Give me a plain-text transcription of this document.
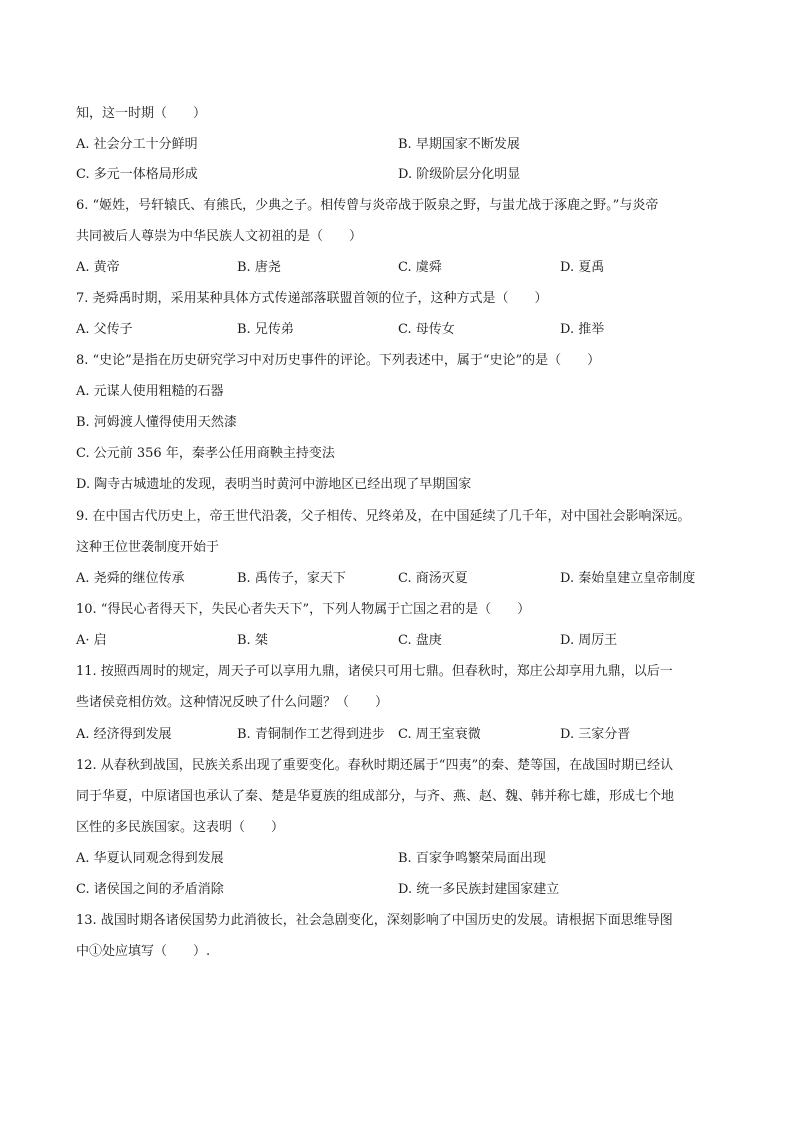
知，这一时期（　　）
A. 社会分工十分鲜明	B. 早期国家不断发展
C. 多元一体格局形成	D. 阶级阶层分化明显
6. “姬姓，号轩辕氏、有熊氏，少典之子。相传曾与炎帝战于阪泉之野，与蚩尤战于涿鹿之野。”与炎帝
共同被后人尊崇为中华民族人文初祖的是（　　）
A. 黄帝	B. 唐尧	C. 虞舜	D. 夏禹
7. 尧舜禹时期，采用某种具体方式传递部落联盟首领的位子，这种方式是（　　）
A. 父传子	B. 兄传弟	C. 母传女	D. 推举
8. “史论”是指在历史研究学习中对历史事件的评论。下列表述中，属于“史论”的是（　　）
A. 元谋人使用粗糙的石器
B. 河姆渡人懂得使用天然漆
C. 公元前 356 年，秦孝公任用商鞅主持变法
D. 陶寺古城遗址的发现，表明当时黄河中游地区已经出现了早期国家
9. 在中国古代历史上，帝王世代沿袭，父子相传、兄终弟及，在中国延续了几千年，对中国社会影响深远。
这种王位世袭制度开始于
A. 尧舜的继位传承	B. 禹传子，家天下	C. 商汤灭夏	D. 秦始皇建立皇帝制度
10. “得民心者得天下，失民心者失天下”，下列人物属于亡国之君的是（　　）
A· 启	B. 桀	C. 盘庚	D. 周厉王
11. 按照西周时的规定，周天子可以享用九鼎，诸侯只可用七鼎。但春秋时，郑庄公却享用九鼎，以后一
些诸侯竞相仿效。这种情况反映了什么问题？（　　）
A. 经济得到发展	B. 青铜制作工艺得到进步 C. 周王室衰微	D. 三家分晋
12. 从春秋到战国，民族关系出现了重要变化。春秋时期还属于“四夷”的秦、楚等国，在战国时期已经认
同于华夏，中原诸国也承认了秦、楚是华夏族的组成部分，与齐、燕、赵、魏、韩并称七雄，形成七个地
区性的多民族国家。这表明（　　）
A. 华夏认同观念得到发展	B. 百家争鸣繁荣局面出现
C. 诸侯国之间的矛盾消除	D. 统一多民族封建国家建立
13. 战国时期各诸侯国势力此消彼长，社会急剧变化，深刻影响了中国历史的发展。请根据下面思维导图
中①处应填写（　　）.
